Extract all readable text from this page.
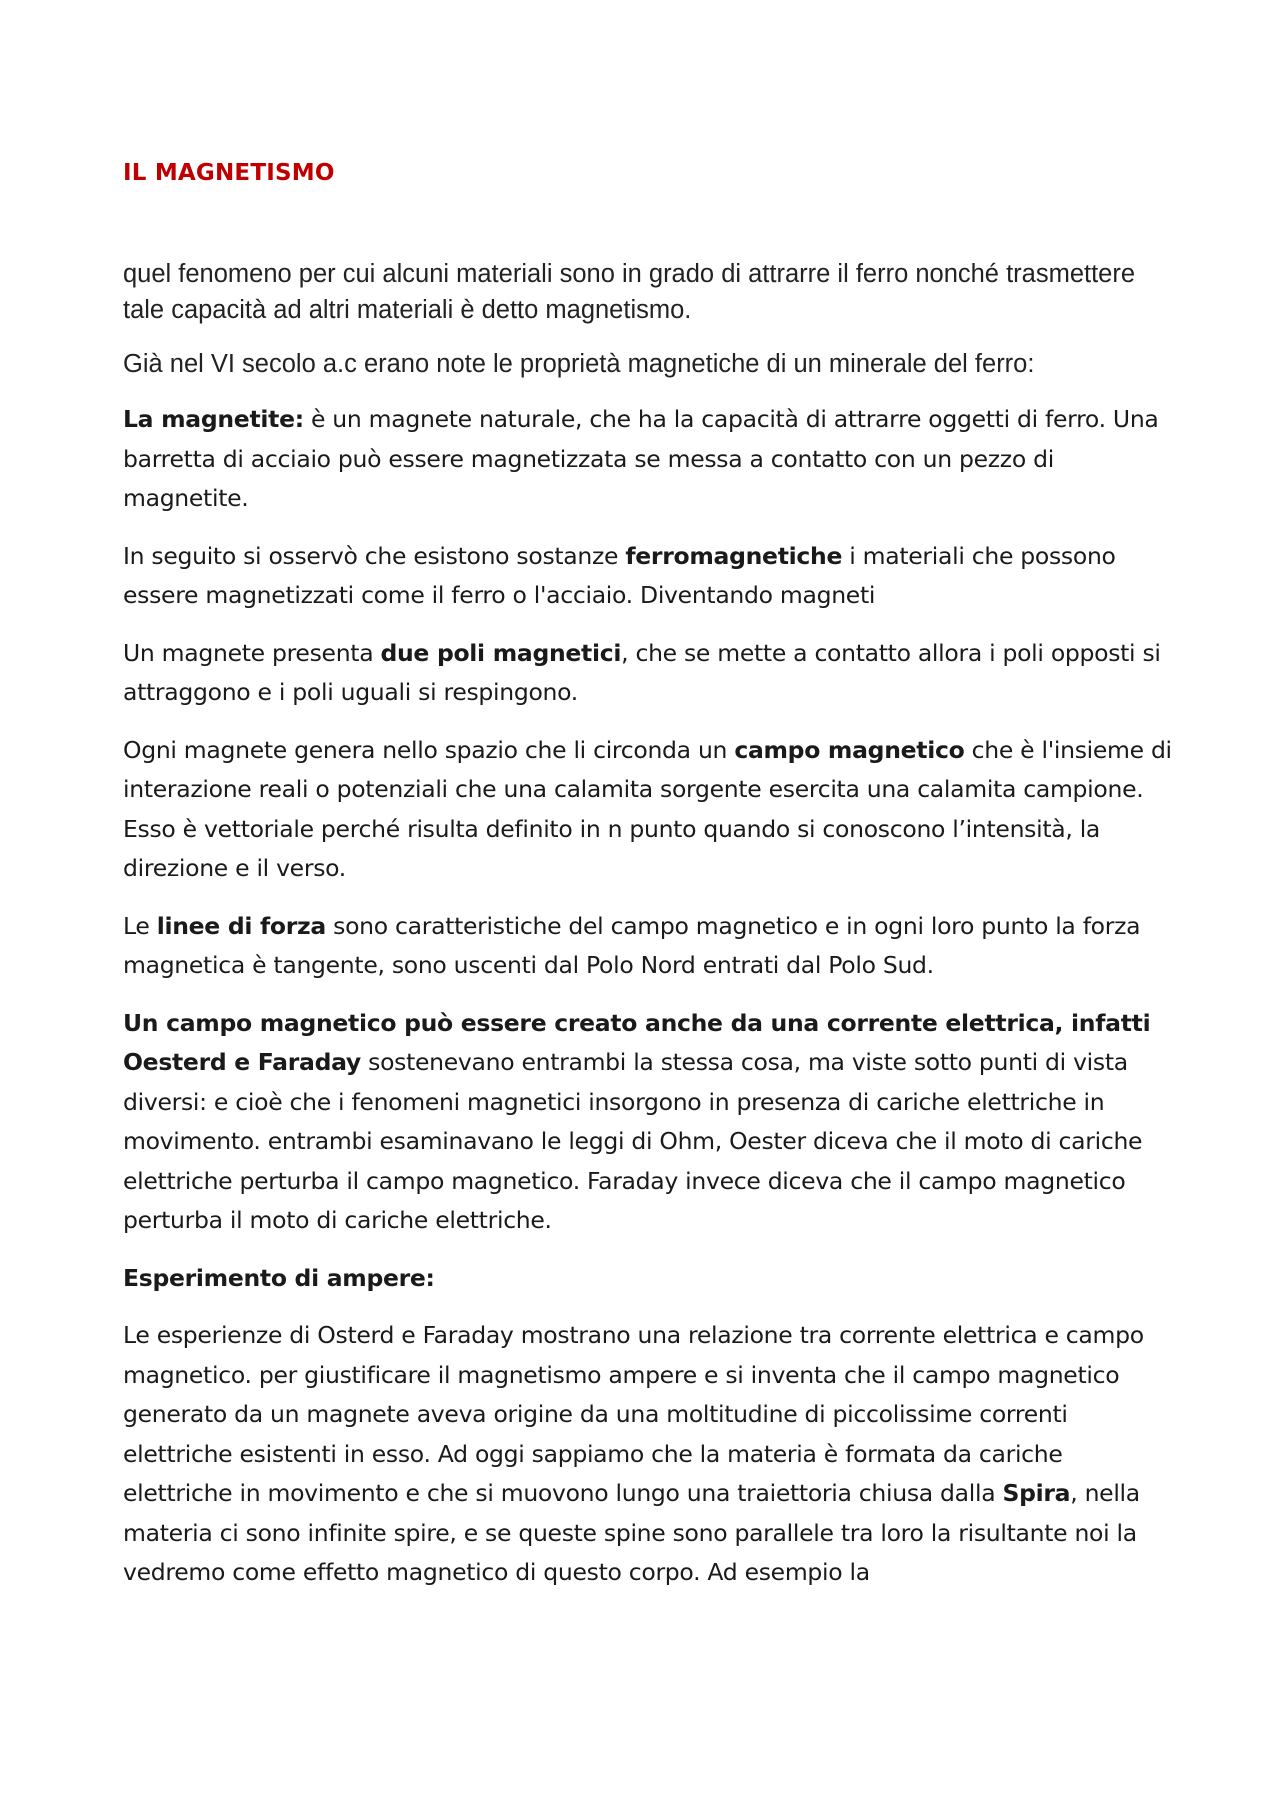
IL MAGNETISMO

quel fenomeno per cui alcuni materiali sono in grado di attrarre il ferro nonché trasmettere tale capacità ad altri materiali è detto magnetismo.

Già nel VI secolo a.c erano note le proprietà magnetiche di un minerale del ferro:

La magnetite: è un magnete naturale, che ha la capacità di attrarre oggetti di ferro. Una barretta di acciaio può essere magnetizzata se messa a contatto con un pezzo di magnetite.

In seguito si osservò che esistono sostanze ferromagnetiche i materiali che possono essere magnetizzati come il ferro o l'acciaio. Diventando magneti

Un magnete presenta due poli magnetici, che se mette a contatto allora i poli opposti si attraggono e i poli uguali si respingono.

Ogni magnete genera nello spazio che li circonda un campo magnetico che è l'insieme di interazione reali o potenziali che una calamita sorgente esercita una calamita campione. Esso è vettoriale perché risulta definito in n punto quando si conoscono l’intensità, la direzione e il verso.

Le linee di forza sono caratteristiche del campo magnetico e in ogni loro punto la forza magnetica è tangente, sono uscenti dal Polo Nord entrati dal Polo Sud.

Un campo magnetico può essere creato anche da una corrente elettrica, infatti Oesterd e Faraday sostenevano entrambi la stessa cosa, ma viste sotto punti di vista diversi: e cioè che i fenomeni magnetici insorgono in presenza di cariche elettriche in movimento. entrambi esaminavano le leggi di Ohm, Oester diceva che il moto di cariche elettriche perturba il campo magnetico. Faraday invece diceva che il campo magnetico perturba il moto di cariche elettriche.

Esperimento di ampere:

Le esperienze di Osterd e Faraday mostrano una relazione tra corrente elettrica e campo magnetico. per giustificare il magnetismo ampere e si inventa che il campo magnetico generato da un magnete aveva origine da una moltitudine di piccolissime correnti elettriche esistenti in esso. Ad oggi sappiamo che la materia è formata da cariche elettriche in movimento e che si muovono lungo una traiettoria chiusa dalla Spira, nella materia ci sono infinite spire, e se queste spine sono parallele tra loro la risultante noi la vedremo come effetto magnetico di questo corpo. Ad esempio la
